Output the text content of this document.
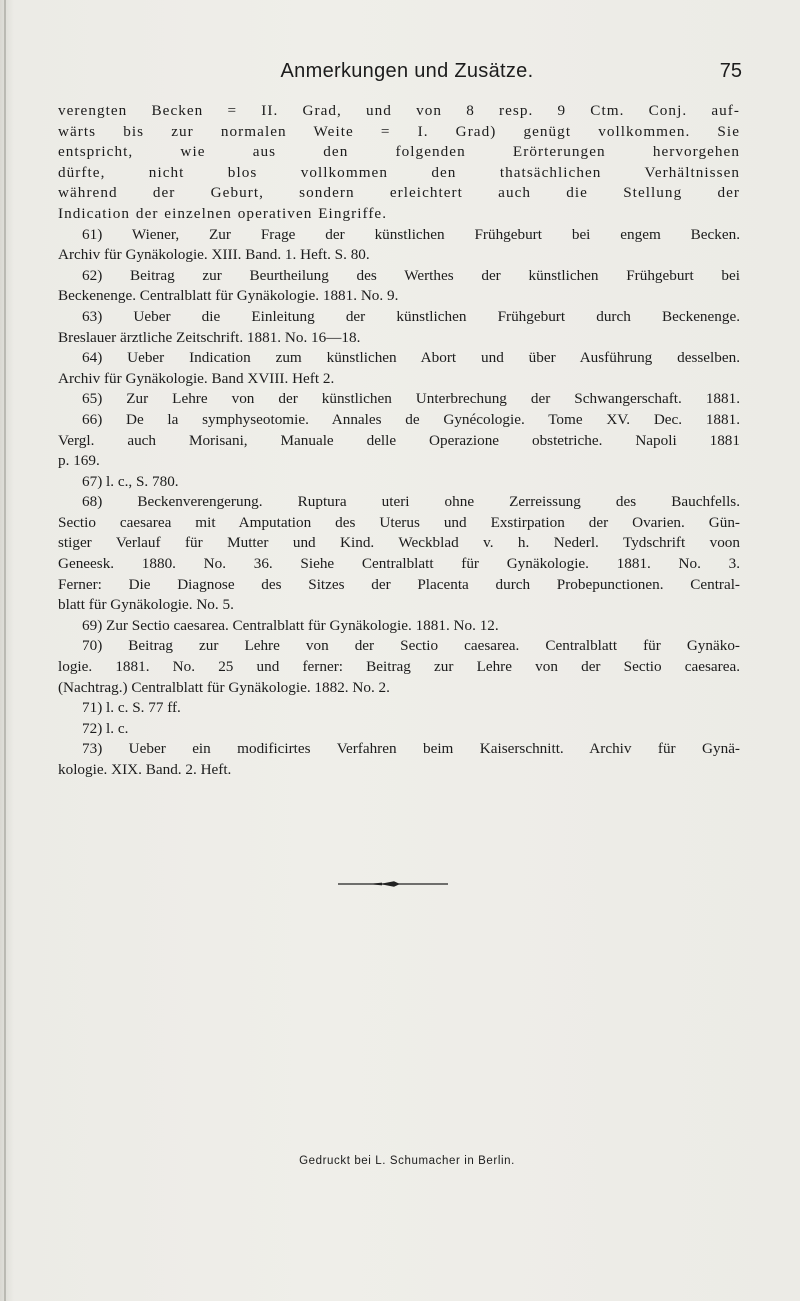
Anmerkungen und Zusätze.	75
verengten Becken = II. Grad, und von 8 resp. 9 Ctm. Conj. auf-
wärts bis zur normalen Weite = I. Grad) genügt vollkommen. Sie
entspricht, wie aus den folgenden Erörterungen hervorgehen
dürfte, nicht blos vollkommen den thatsächlichen Verhältnissen
während der Geburt, sondern erleichtert auch die Stellung der
Indication der einzelnen operativen Eingriffe.
61) Wiener, Zur Frage der künstlichen Frühgeburt bei engem Becken.
Archiv für Gynäkologie. XIII. Band. 1. Heft. S. 80.
62) Beitrag zur Beurtheilung des Werthes der künstlichen Frühgeburt bei
Beckenenge. Centralblatt für Gynäkologie. 1881. No. 9.
63) Ueber die Einleitung der künstlichen Frühgeburt durch Beckenenge.
Breslauer ärztliche Zeitschrift. 1881. No. 16—18.
64) Ueber Indication zum künstlichen Abort und über Ausführung desselben.
Archiv für Gynäkologie. Band XVIII. Heft 2.
65) Zur Lehre von der künstlichen Unterbrechung der Schwangerschaft. 1881.
66) De la symphyseotomie. Annales de Gynécologie. Tome XV. Dec. 1881.
Vergl. auch Morisani, Manuale delle Operazione obstetriche. Napoli 1881
p. 169.
67) l. c., S. 780.
68) Beckenverengerung. Ruptura uteri ohne Zerreissung des Bauchfells.
Sectio caesarea mit Amputation des Uterus und Exstirpation der Ovarien. Gün-
stiger Verlauf für Mutter und Kind. Weckblad v. h. Nederl. Tydschrift voon
Geneesk. 1880. No. 36. Siehe Centralblatt für Gynäkologie. 1881. No. 3.
Ferner: Die Diagnose des Sitzes der Placenta durch Probepunctionen. Central-
blatt für Gynäkologie. No. 5.
69) Zur Sectio caesarea. Centralblatt für Gynäkologie. 1881. No. 12.
70) Beitrag zur Lehre von der Sectio caesarea. Centralblatt für Gynäko-
logie. 1881. No. 25 und ferner: Beitrag zur Lehre von der Sectio caesarea.
(Nachtrag.) Centralblatt für Gynäkologie. 1882. No. 2.
71) l. c. S. 77 ff.
72) l. c.
73) Ueber ein modificirtes Verfahren beim Kaiserschnitt. Archiv für Gynä-
kologie. XIX. Band. 2. Heft.
Gedruckt bei L. Schumacher in Berlin.
